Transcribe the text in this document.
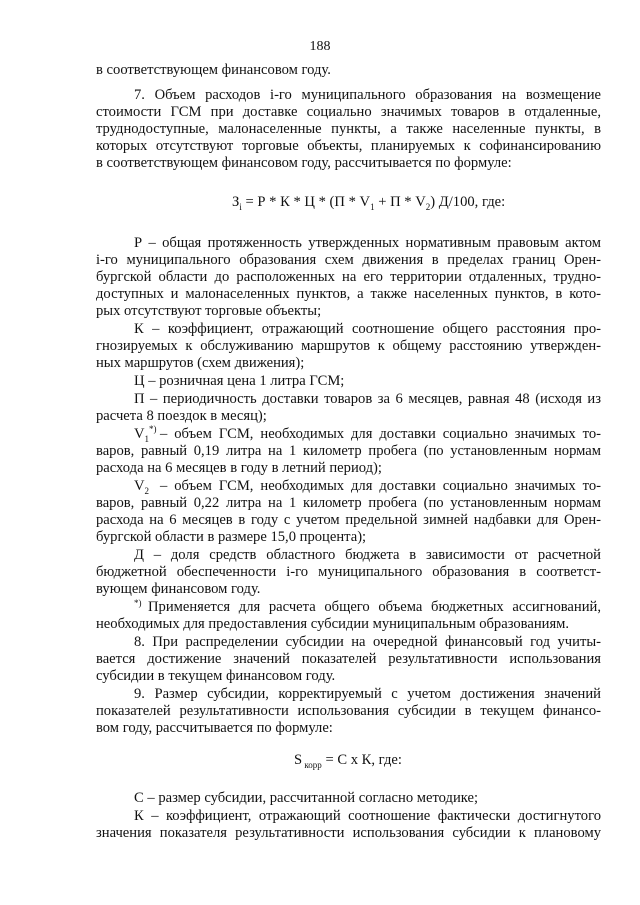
188
в соответствующем финансовом году.
7. Объем расходов i-го муниципального образования на возмещение
стоимости ГСМ при доставке социально значимых товаров в отдаленные,
труднодоступные, малонаселенные пункты, а также населенные пункты, в
которых отсутствуют торговые объекты, планируемых к софинансированию
в соответствующем финансовом году, рассчитывается по формуле:
$З_i = Р * К * Ц * (П * V_1 + П * V_2)$ Д/100, где:
Р – общая протяженность утвержденных нормативным правовым актом
i-го муниципального образования схем движения в пределах границ Орен-
бургской области до расположенных на его территории отдаленных, трудно-
доступных и малонаселенных пунктов, а также населенных пунктов, в кото-
рых отсутствуют торговые объекты;
К – коэффициент, отражающий соотношение общего расстояния про-
гнозируемых к обслуживанию маршрутов к общему расстоянию утвержден-
ных маршрутов (схем движения);
Ц – розничная цена 1 литра ГСМ;
П – периодичность доставки товаров за 6 месяцев, равная 48 (исходя из
расчета 8 поездок в месяц);
$V_1^{*)}$ – объем ГСМ, необходимых для доставки социально значимых то-
варов, равный 0,19 литра на 1 километр пробега (по установленным нормам
расхода на 6 месяцев в году в летний период);
$V_2$ – объем ГСМ, необходимых для доставки социально значимых то-
варов, равный 0,22 литра на 1 километр пробега (по установленным нормам
расхода на 6 месяцев в году с учетом предельной зимней надбавки для Орен-
бургской области в размере 15,0 процента);
Д – доля средств областного бюджета в зависимости от расчетной
бюджетной обеспеченности i-го муниципального образования в соответст-
вующем финансовом году.
*) Применяется для расчета общего объема бюджетных ассигнований,
необходимых для предоставления субсидии муниципальным образованиям.
8. При распределении субсидии на очередной финансовый год учиты-
вается достижение значений показателей результативности использования
субсидии в текущем финансовом году.
9. Размер субсидии, корректируемый с учетом достижения значений
показателей результативности использования субсидии в текущем финансо-
вом году, рассчитывается по формуле:
S $_{корр}$ = С х К, где:
С – размер субсидии, рассчитанной согласно методике;
К – коэффициент, отражающий соотношение фактически достигнутого
значения показателя результативности использования субсидии к плановому
